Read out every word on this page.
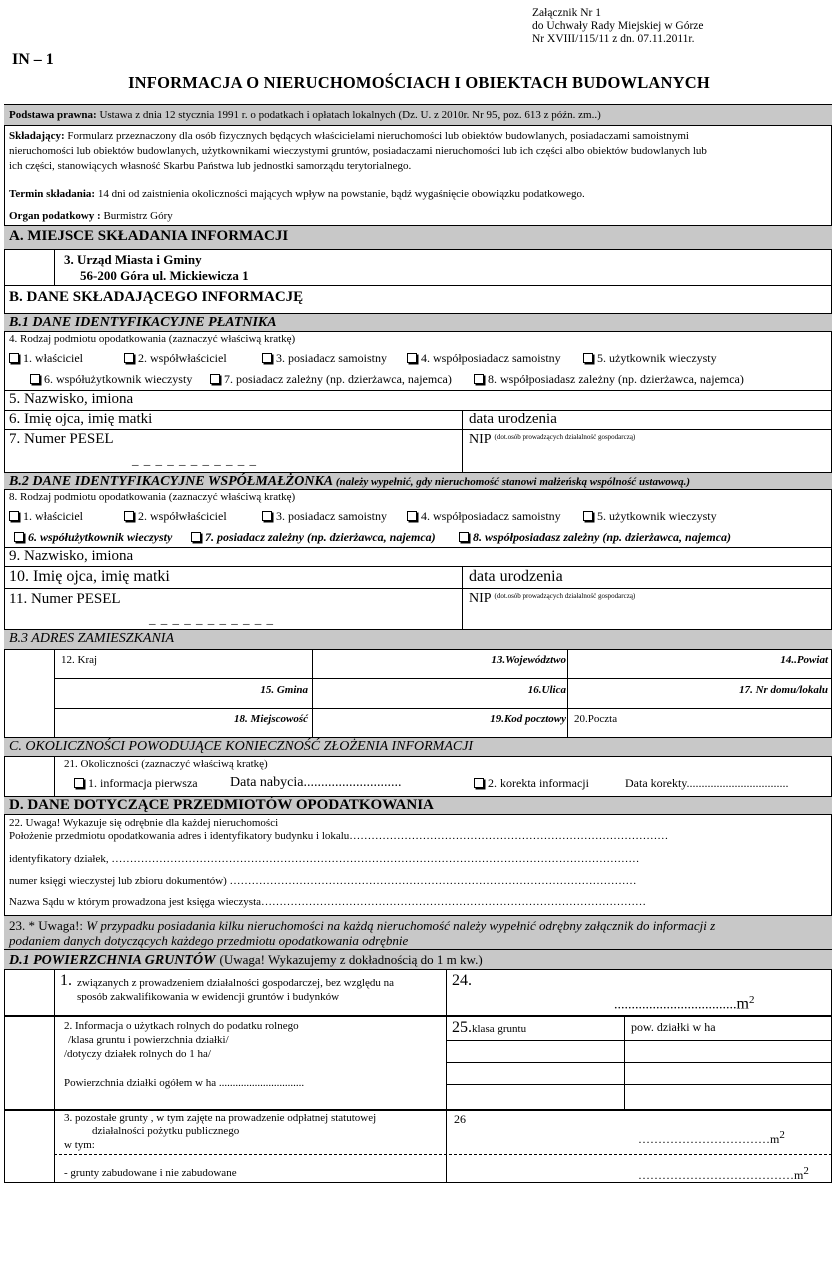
Załącznik Nr 1
do Uchwały Rady Miejskiej w Górze
Nr XVIII/115/11 z dn. 07.11.2011r.
IN – 1
INFORMACJA O NIERUCHOMOŚCIACH I OBIEKTACH BUDOWLANYCH
Podstawa prawna: Ustawa z dnia 12 stycznia 1991 r. o podatkach i opłatach lokalnych (Dz. U. z 2010r. Nr 95, poz. 613 z późn. zm..)
Składający: Formularz przeznaczony dla osób fizycznych będących właścicielami nieruchomości lub obiektów budowlanych, posiadaczami samoistnymi
nieruchomości lub obiektów budowlanych, użytkownikami wieczystymi gruntów, posiadaczami nieruchomości lub ich części albo obiektów budowlanych lub
ich części, stanowiących własność Skarbu Państwa lub jednostki samorządu terytorialnego.
Termin składania: 14 dni od zaistnienia okoliczności mających wpływ na powstanie, bądź wygaśnięcie obowiązku podatkowego.
Organ podatkowy : Burmistrz Góry
A. MIEJSCE SKŁADANIA INFORMACJI
3. Urząd Miasta i Gminy
56-200 Góra ul. Mickiewicza 1
B. DANE SKŁADAJĄCEGO INFORMACJĘ
B.1 DANE IDENTYFIKACYJNE PŁATNIKA
4. Rodzaj podmiotu opodatkowania (zaznaczyć właściwą kratkę)
1. właściciel	2. współwłaściciel	3. posiadacz samoistny	4. współposiadacz samoistny	5. użytkownik wieczysty
6. współużytkownik wieczysty	7. posiadacz zależny (np. dzierżawca, najemca)	8. współposiadasz zależny (np. dzierżawca, najemca)
5. Nazwisko, imiona
6. Imię ojca, imię matki	data urodzenia
7. Numer PESEL
_ _ _ _ _ _ _ _ _ _ _
NIP $^{(dot.osób prowadzących działalność gospodarczą)}$
B.2 DANE IDENTYFIKACYJNE WSPÓŁMAŁŻONKA (należy wypełnić, gdy nieruchomość stanowi małżeńską wspólność ustawową.)
8. Rodzaj podmiotu opodatkowania (zaznaczyć właściwą kratkę)
1. właściciel	2. współwłaściciel	3. posiadacz samoistny	4. współposiadacz samoistny	5. użytkownik wieczysty
6. współużytkownik wieczysty	7. posiadacz zależny (np. dzierżawca, najemca)	8. współposiadasz zależny (np. dzierżawca, najemca)
9. Nazwisko, imiona
10. Imię ojca, imię matki	data urodzenia
11. Numer PESEL
_ _ _ _ _ _ _ _ _ _ _
NIP $^{(dot.osób prowadzących działalność gospodarczą)}$
B.3 ADRES ZAMIESZKANIA
12. Kraj	13.Województwo	14..Powiat
15. Gmina	16.Ulica	17. Nr domu/lokalu
18. Miejscowość	19.Kod pocztowy 20.Poczta
C. OKOLICZNOŚCI POWODUJĄCE KONIECZNOŚĆ ZŁOŻENIA INFORMACJI
21. Okoliczności (zaznaczyć właściwą kratkę)
1. informacja pierwsza Data nabycia............................	2. korekta informacji	Data korekty..................................
D. DANE DOTYCZĄCE PRZEDMIOTÓW OPODATKOWANIA
22. Uwaga! Wykazuje się odrębnie dla każdej nieruchomości
Położenie przedmiotu opodatkowania adres i identyfikatory budynku i lokalu……………………………………………………………………………
identyfikatory działek, ………………………………………………………………………………………………………………………………
numer księgi wieczystej lub zbioru dokumentów) …………………………………………………………………………………………………
Nazwa Sądu w którym prowadzona jest księga wieczysta……………………………………………………………………………………………
23. * Uwaga!: W przypadku posiadania kilku nieruchomości na każdą nieruchomość należy wypełnić odrębny załącznik do informacji z
podaniem danych dotyczących każdego przedmiotu opodatkowania odrębnie
D.1 POWIERZCHNIA GRUNTÓW (Uwaga! Wykazujemy z dokładnością do 1 m kw.)
1. związanych z prowadzeniem działalności gospodarczej, bez względu na
sposób zakwalifikowania w ewidencji gruntów i budynków
24.
$...................................m^2$
2. Informacja o użytkach rolnych do podatku rolnego
/klasa gruntu i powierzchnia działki/
/dotyczy działek rolnych do 1 ha/
Powierzchnia działki ogółem w ha ...............................
25.klasa gruntu	pow. działki w ha
3. pozostałe grunty , w tym zajęte na prowadzenie odpłatnej statutowej
działalności pożytku publicznego
w tym:
26
$\dots\dots\dots\dots\dots\dots\dots\dots\dots\dots\dots m^2$
- grunty zabudowane i nie zabudowane	$\dots\dots\dots\dots\dots\dots\dots\dots\dots\dots\dots\dots\dots m^2$
